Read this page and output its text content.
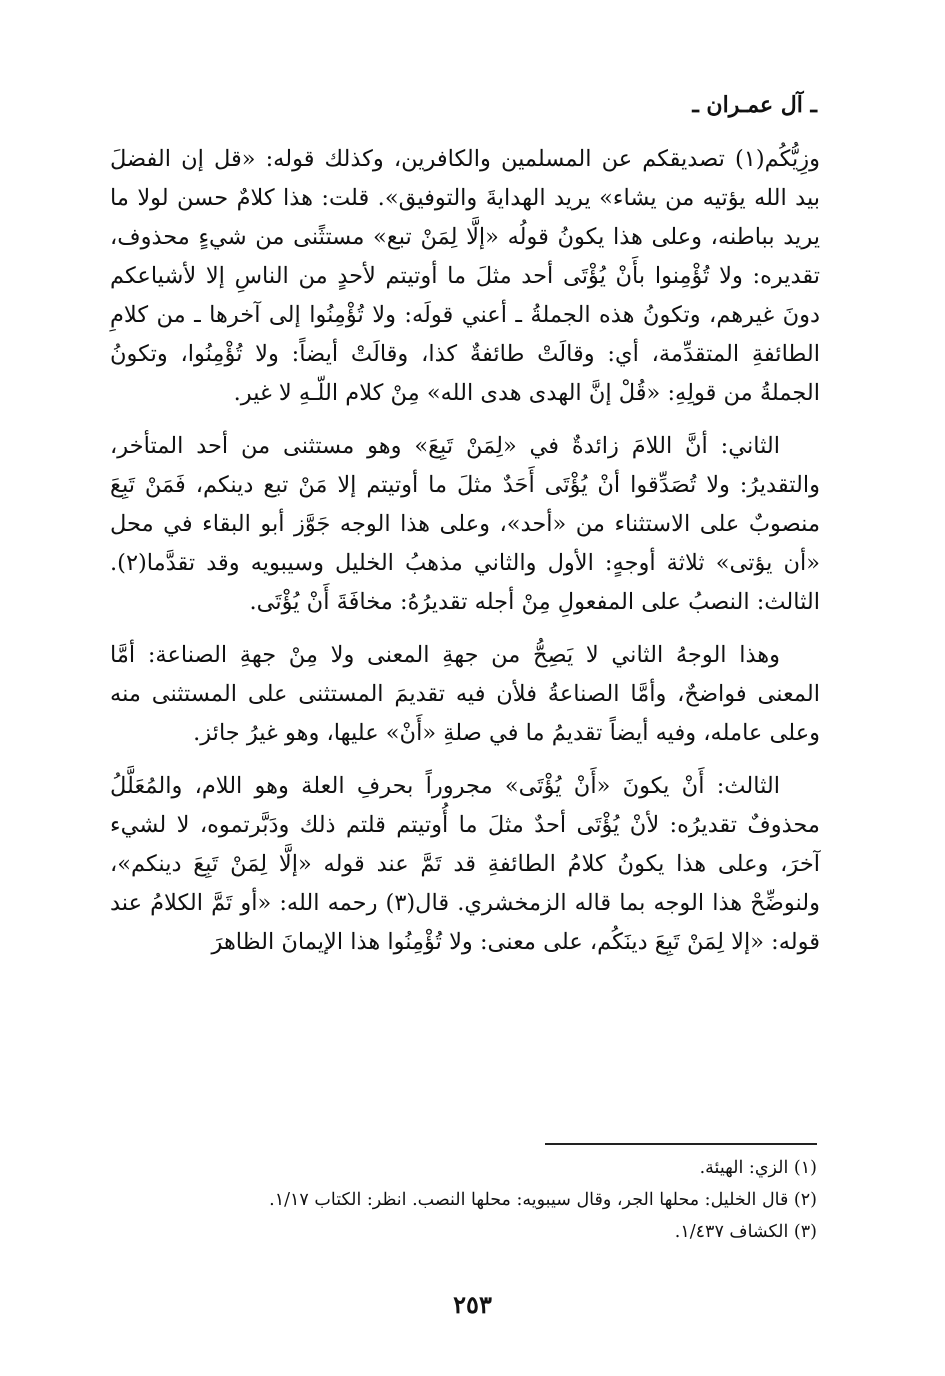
ـ آل عمـران ـ

وزِيُّكُم(١) تصديقكم عن المسلمين والكافرين، وكذلك قوله: «قل إن الفضلَ بيد الله يؤتيه من يشاء» يريد الهدايةَ والتوفيق». قلت: هذا كلامٌ حسن لولا ما يريد بباطنه، وعلى هذا يكونُ قولُه «إلَّا لِمَنْ تبع» مستثًنى من شيءٍ محذوف، تقديره: ولا تُؤْمِنوا بأَنْ يُؤْتَى أحد مثلَ ما أوتيتم لأحدٍ من الناسِ إلا لأشياعكم دونَ غيرهم، وتكونُ هذه الجملةُ ـ أعني قولَه: ولا تُؤْمِنُوا إلى آخرها ـ من كلامِ الطائفةِ المتقدِّمة، أي: وقالَتْ طائفةٌ كذا، وقالَتْ أيضاً: ولا تُؤْمِنُوا، وتكونُ الجملةُ من قولِهِ: «قُلْ إنَّ الهدى هدى الله» مِنْ كلام اللّـهِ لا غير.

الثاني: أنَّ اللامَ زائدةٌ في «لِمَنْ تَبِعَ» وهو مستثنى من أحد المتأخر، والتقديرُ: ولا تُصَدِّقوا أنْ يُؤْتَى أَحَدٌ مثلَ ما أوتيتم إلا مَنْ تبع دينكم، فَمَنْ تَبِعَ منصوبٌ على الاستثناء من «أحد»، وعلى هذا الوجه جَوَّز أبو البقاء في محل «أن يؤتى» ثلاثة أوجهٍ: الأول والثاني مذهبُ الخليل وسيبويه وقد تقدَّما(٢). الثالث: النصبُ على المفعولِ مِنْ أجله تقديرُهُ: مخافَةَ أَنْ يُؤْتَى.

وهذا الوجهُ الثاني لا يَصِحُّ من جهةِ المعنى ولا مِنْ جهةِ الصناعة: أمَّا المعنى فواضحٌ، وأمَّا الصناعةُ فلأن فيه تقديمَ المستثنى على المستثنى منه وعلى عامله، وفيه أيضاً تقديمُ ما في صلةِ «أَنْ» عليها، وهو غيرُ جائز.

الثالث: أَنْ يكونَ «أَنْ يُؤْتَى» مجروراً بحرفِ العلة وهو اللام، والمُعَلَّلُ محذوفٌ تقديرُه: لأنْ يُؤْتَى أحدٌ مثلَ ما أُوتيتم قلتم ذلك ودَبَّرتموه، لا لشيء آخرَ، وعلى هذا يكونُ كلامُ الطائفةِ قد تَمَّ عند قوله «إلَّا لِمَنْ تَبِعَ دينكم»، ولنوضِّحْ هذا الوجه بما قاله الزمخشري. قال(٣) رحمه الله: «أو تَمَّ الكلامُ عند قوله: «إلا لِمَنْ تَبِعَ دينَكُم، على معنى: ولا تُؤْمِنُوا هذا الإيمانَ الظاهرَ

(١) الزي: الهيئة.

(٢) قال الخليل: محلها الجر، وقال سيبويه: محلها النصب. انظر: الكتاب ١/١٧.

(٣) الكشاف ١/٤٣٧.

٢٥٣
